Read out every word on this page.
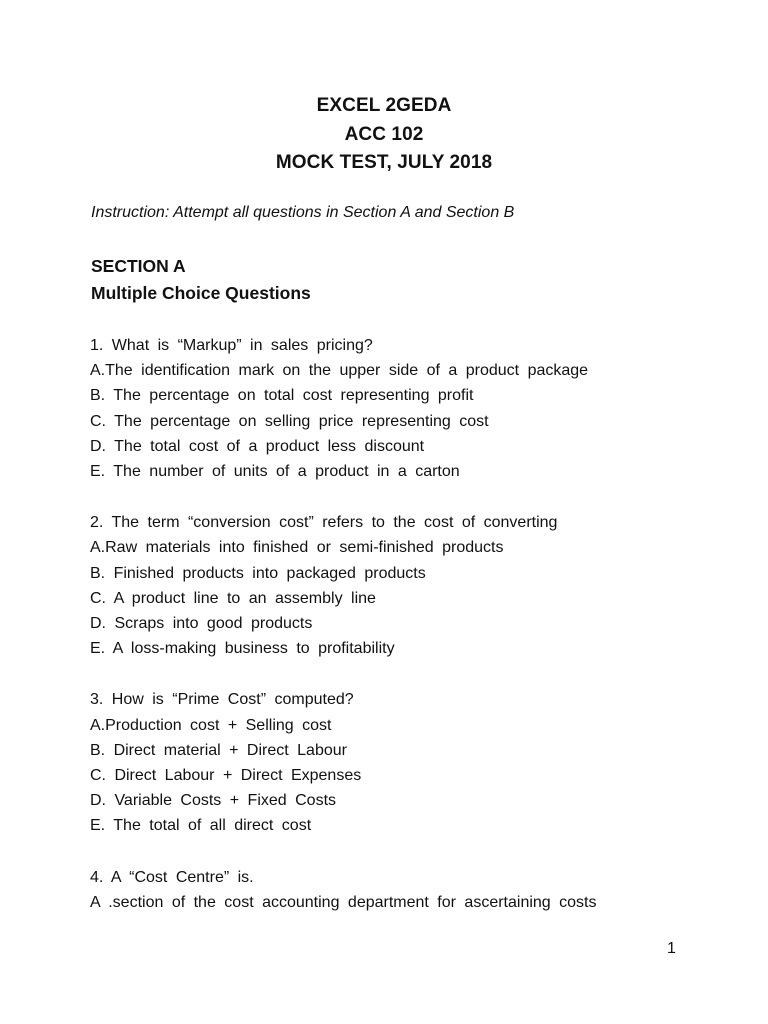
EXCEL 2GEDA
ACC 102
MOCK TEST, JULY 2018
Instruction: Attempt all questions in Section A and Section B
SECTION A
Multiple Choice Questions
1. What is “Markup” in sales pricing?
A.The identification mark on the upper side of a product package
B. The percentage on total cost representing profit
C. The percentage on selling price representing cost
D. The total cost of a product less discount
E. The number of units of a product in a carton
2. The term “conversion cost” refers to the cost of converting
A.Raw materials into finished or semi-finished products
B. Finished products into packaged products
C. A product line to an assembly line
D. Scraps into good products
E. A loss-making business to profitability
3. How is “Prime Cost” computed?
A.Production cost + Selling cost
B. Direct material + Direct Labour
C. Direct Labour + Direct Expenses
D. Variable Costs + Fixed Costs
E. The total of all direct cost
4. A “Cost Centre” is.
A .section of the cost accounting department for ascertaining costs
1
